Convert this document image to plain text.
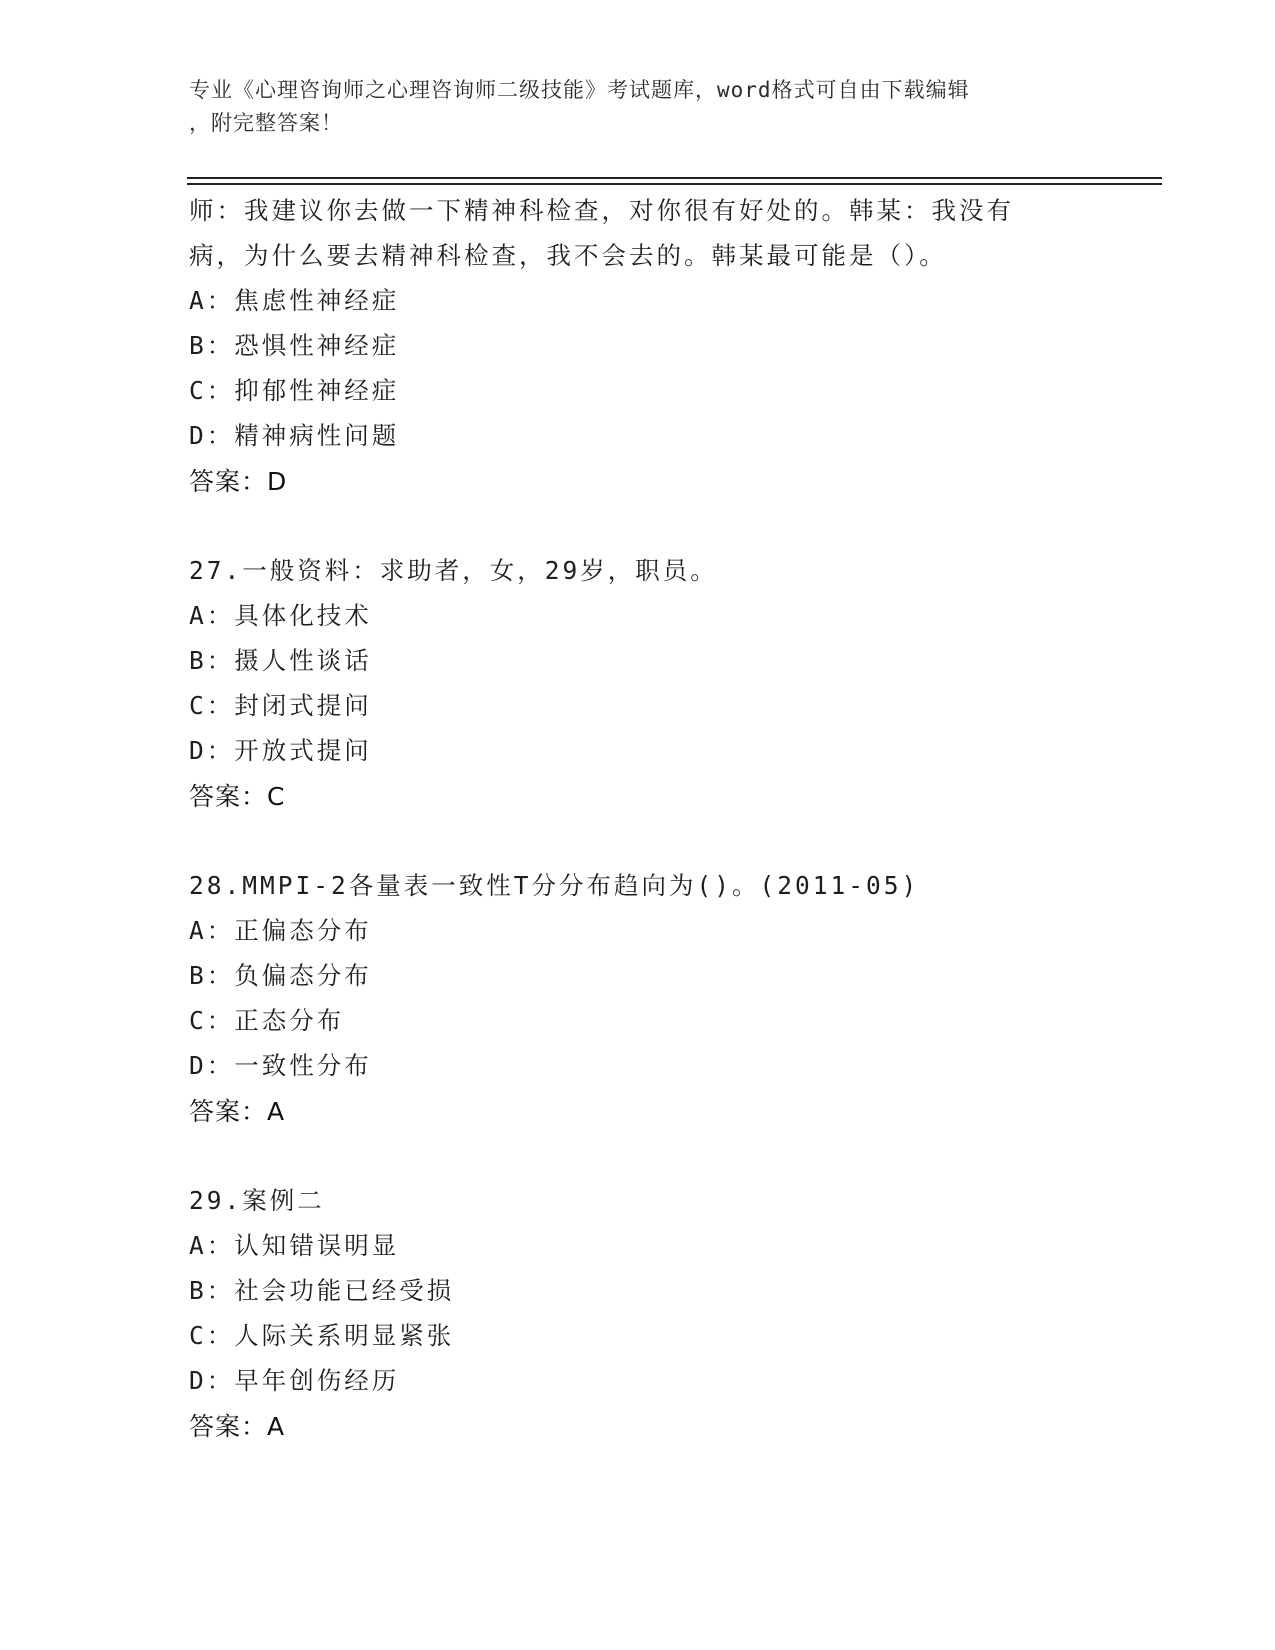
专业《心理咨询师之心理咨询师二级技能》考试题库，word格式可自由下载编辑
，附完整答案！
师：我建议你去做一下精神科检查，对你很有好处的。韩某：我没有
病，为什么要去精神科检查，我不会去的。韩某最可能是（）。
A：焦虑性神经症
B：恐惧性神经症
C：抑郁性神经症
D：精神病性问题
答案：D
27.一般资料：求助者，女，29岁，职员。
A：具体化技术
B：摄人性谈话
C：封闭式提问
D：开放式提问
答案：C
28.MMPI-2各量表一致性T分分布趋向为()。(2011-05)
A：正偏态分布
B：负偏态分布
C：正态分布
D：一致性分布
答案：A
29.案例二
A：认知错误明显
B：社会功能已经受损
C：人际关系明显紧张
D：早年创伤经历
答案：A
